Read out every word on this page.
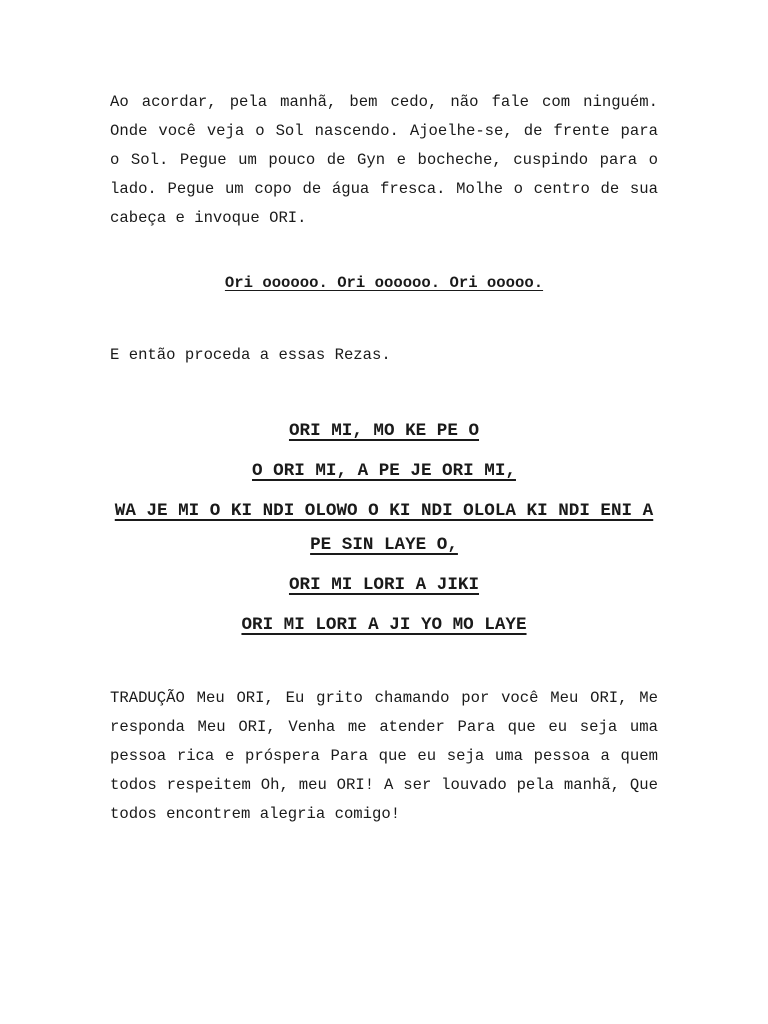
Ao acordar, pela manhã, bem cedo, não fale com ninguém. Onde você veja o Sol nascendo. Ajoelhe-se, de frente para o Sol. Pegue um pouco de Gyn e bocheche, cuspindo para o lado. Pegue um copo de água fresca. Molhe o centro de sua cabeça e invoque ORI.

Ori oooooo. Ori oooooo. Ori ooooo.

E então proceda a essas Rezas.

ORI MI, MO KE PE O
O ORI MI, A PE JE ORI MI,
WA JE MI O KI NDI OLOWO O KI NDI OLOLA KI NDI ENI A PE SIN LAYE O,
ORI MI LORI A JIKI
ORI MI LORI A JI YO MO LAYE

TRADUÇÃO Meu ORI, Eu grito chamando por você Meu ORI, Me responda Meu ORI, Venha me atender Para que eu seja uma pessoa rica e próspera Para que eu seja uma pessoa a quem todos respeitem Oh, meu ORI! A ser louvado pela manhã, Que todos encontrem alegria comigo!
